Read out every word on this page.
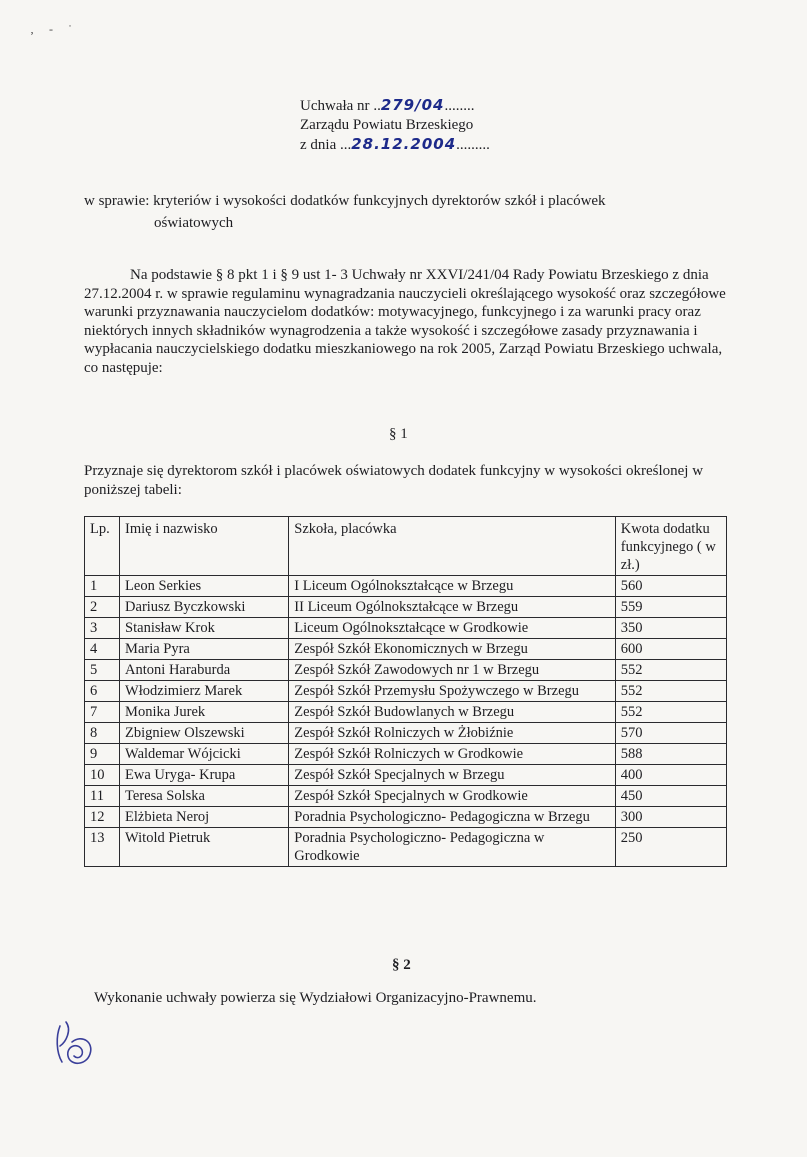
‚ - ˙
Uchwała nr ..279/04........
Zarządu Powiatu Brzeskiego
z dnia ...28.12.2004.........
w sprawie: kryteriów i wysokości dodatków funkcyjnych dyrektorów szkół i placówek
oświatowych

Na podstawie § 8 pkt 1 i § 9 ust 1- 3 Uchwały nr XXVI/241/04 Rady Powiatu Brzeskiego z dnia 27.12.2004 r. w sprawie regulaminu wynagradzania nauczycieli określającego wysokość oraz szczegółowe warunki przyznawania nauczycielom dodatków: motywacyjnego, funkcyjnego i za warunki pracy oraz niektórych innych składników wynagrodzenia a także wysokość i szczegółowe zasady przyznawania i wypłacania nauczycielskiego dodatku mieszkaniowego na rok 2005, Zarząd Powiatu Brzeskiego uchwala, co następuje:

§ 1

Przyznaje się dyrektorom szkół i placówek oświatowych dodatek funkcyjny w wysokości określonej w poniższej tabeli:

Lp.	Imię i nazwisko	Szkoła, placówka	Kwota dodatku funkcyjnego ( w zł.)
1	Leon Serkies	I Liceum Ogólnokształcące w Brzegu	560
2	Dariusz Byczkowski	II Liceum Ogólnokształcące w Brzegu	559
3	Stanisław Krok	Liceum Ogólnokształcące w Grodkowie	350
4	Maria Pyra	Zespół Szkół Ekonomicznych w Brzegu	600
5	Antoni Haraburda	Zespół Szkół Zawodowych nr 1 w Brzegu	552
6	Włodzimierz Marek	Zespół Szkół Przemysłu Spożywczego w Brzegu	552
7	Monika Jurek	Zespół Szkół Budowlanych w Brzegu	552
8	Zbigniew Olszewski	Zespół Szkół Rolniczych w Żłobiźnie	570
9	Waldemar Wójcicki	Zespół Szkół Rolniczych w Grodkowie	588
10	Ewa Uryga- Krupa	Zespół Szkół Specjalnych w Brzegu	400
11	Teresa Solska	Zespół Szkół Specjalnych w Grodkowie	450
12	Elżbieta Neroj	Poradnia Psychologiczno- Pedagogiczna w Brzegu	300
13	Witold Pietruk	Poradnia Psychologiczno- Pedagogiczna w Grodkowie	250
§ 2
Wykonanie uchwały powierza się Wydziałowi Organizacyjno-Prawnemu.
